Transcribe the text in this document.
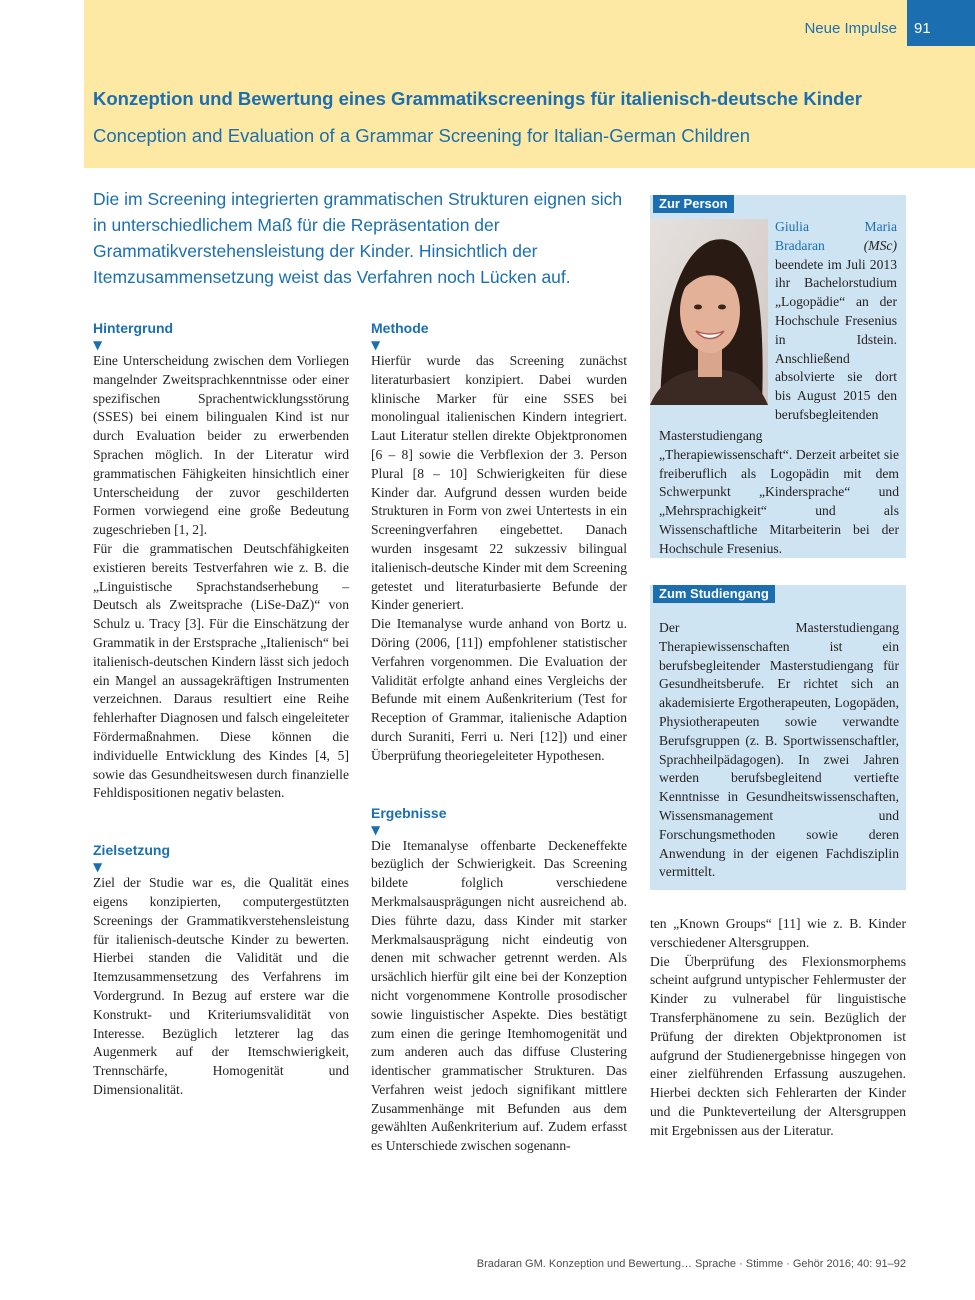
Neue Impulse	91
Konzeption und Bewertung eines Grammatikscreenings für italienisch-deutsche Kinder
Conception and Evaluation of a Grammar Screening for Italian-German Children
Die im Screening integrierten grammatischen Strukturen eignen sich in unterschiedlichem Maß für die Repräsentation der Grammatikverstehensleistung der Kinder. Hinsichtlich der Itemzusammensetzung weist das Verfahren noch Lücken auf.
Hintergrund
▼

Eine Unterscheidung zwischen dem Vorliegen mangelnder Zweitsprachkenntnisse oder einer spezifischen Sprachentwicklungsstörung (SSES) bei einem bilingualen Kind ist nur durch Evaluation beider zu erwerbenden Sprachen möglich. In der Literatur wird grammatischen Fähigkeiten hinsichtlich einer Unterscheidung der zuvor geschilderten Formen vorwiegend eine große Bedeutung zugeschrieben [1, 2].

Für die grammatischen Deutschfähigkeiten existieren bereits Testverfahren wie z. B. die „Linguistische Sprachstandserhebung – Deutsch als Zweitsprache (LiSe-DaZ)“ von Schulz u. Tracy [3]. Für die Einschätzung der Grammatik in der Erstsprache „Italienisch“ bei italienisch-deutschen Kindern lässt sich jedoch ein Mangel an aussagekräftigen Instrumenten verzeichnen. Daraus resultiert eine Reihe fehlerhafter Diagnosen und falsch eingeleiteter Fördermaßnahmen. Diese können die individuelle Entwicklung des Kindes [4, 5] sowie das Gesundheitswesen durch finanzielle Fehldispositionen negativ belasten.

Zielsetzung
▼

Ziel der Studie war es, die Qualität eines eigens konzipierten, computergestützten Screenings der Grammatikverstehensleistung für italienisch-deutsche Kinder zu bewerten. Hierbei standen die Validität und die Itemzusammensetzung des Verfahrens im Vordergrund. In Bezug auf erstere war die Konstrukt- und Kriteriumsvalidität von Interesse. Bezüglich letzterer lag das Augenmerk auf der Itemschwierigkeit, Trennschärfe, Homogenität und Dimensionalität.

Methode
▼

Hierfür wurde das Screening zunächst literaturbasiert konzipiert. Dabei wurden klinische Marker für eine SSES bei monolingual italienischen Kindern integriert. Laut Literatur stellen direkte Objektpronomen [6 – 8] sowie die Verbflexion der 3. Person Plural [8 – 10] Schwierigkeiten für diese Kinder dar. Aufgrund dessen wurden beide Strukturen in Form von zwei Untertests in ein Screeningverfahren eingebettet. Danach wurden insgesamt 22 sukzessiv bilingual italienisch-deutsche Kinder mit dem Screening getestet und literaturbasierte Befunde der Kinder generiert.

Die Itemanalyse wurde anhand von Bortz u. Döring (2006, [11]) empfohlener statistischer Verfahren vorgenommen. Die Evaluation der Validität erfolgte anhand eines Vergleichs der Befunde mit einem Außenkriterium (Test for Reception of Grammar, italienische Adaption durch Suraniti, Ferri u. Neri [12]) und einer Überprüfung theoriegeleiteter Hypothesen.

Ergebnisse
▼

Die Itemanalyse offenbarte Deckeneffekte bezüglich der Schwierigkeit. Das Screening bildete folglich verschiedene Merkmalsausprägungen nicht ausreichend ab. Dies führte dazu, dass Kinder mit starker Merkmalsausprägung nicht eindeutig von denen mit schwacher getrennt werden. Als ursächlich hierfür gilt eine bei der Konzeption nicht vorgenommene Kontrolle prosodischer sowie linguistischer Aspekte. Dies bestätigt zum einen die geringe Itemhomogenität und zum anderen auch das diffuse Clustering identischer grammatischer Strukturen. Das Verfahren weist jedoch signifikant mittlere Zusammenhänge mit Befunden aus dem gewählten Außenkriterium auf. Zudem erfasst es Unterschiede zwischen sogenann-

ten „Known Groups“ [11] wie z. B. Kinder verschiedener Altersgruppen.

Die Überprüfung des Flexionsmorphems scheint aufgrund untypischer Fehlermuster der Kinder zu vulnerabel für linguistische Transferphänomene zu sein. Bezüglich der Prüfung der direkten Objektpronomen ist aufgrund der Studienergebnisse hingegen von einer zielführenden Erfassung auszugehen. Hierbei deckten sich Fehlerarten der Kinder und die Punkteverteilung der Altersgruppen mit Ergebnissen aus der Literatur.

Zur Person
Giulia Maria Bradaran	(MSc) beendete im Juli 2013 ihr Bachelorstudium „Logopädie“ an der Hochschule Fresenius in Idstein. Anschließend absolvierte sie dort bis August 2015 den berufsbegleitenden
Masterstudiengang „Therapiewissenschaft“. Derzeit arbeitet sie freiberuflich als Logopädin mit dem Schwerpunkt „Kindersprache“ und „Mehrsprachigkeit“ und als Wissenschaftliche Mitarbeiterin bei der Hochschule Fresenius.
Zum Studiengang
Der Masterstudiengang Therapiewissenschaften ist ein berufsbegleitender Masterstudiengang für Gesundheitsberufe. Er richtet sich an akademisierte Ergotherapeuten, Logopäden, Physiotherapeuten sowie verwandte Berufsgruppen (z. B. Sportwissenschaftler, Sprachheilpädagogen). In zwei Jahren werden berufsbegleitend vertiefte Kenntnisse in Gesundheitswissenschaften, Wissensmanagement und Forschungsmethoden sowie deren Anwendung in der eigenen Fachdisziplin vermittelt.
Bradaran GM. Konzeption und Bewertung… Sprache · Stimme · Gehör 2016; 40: 91–92
